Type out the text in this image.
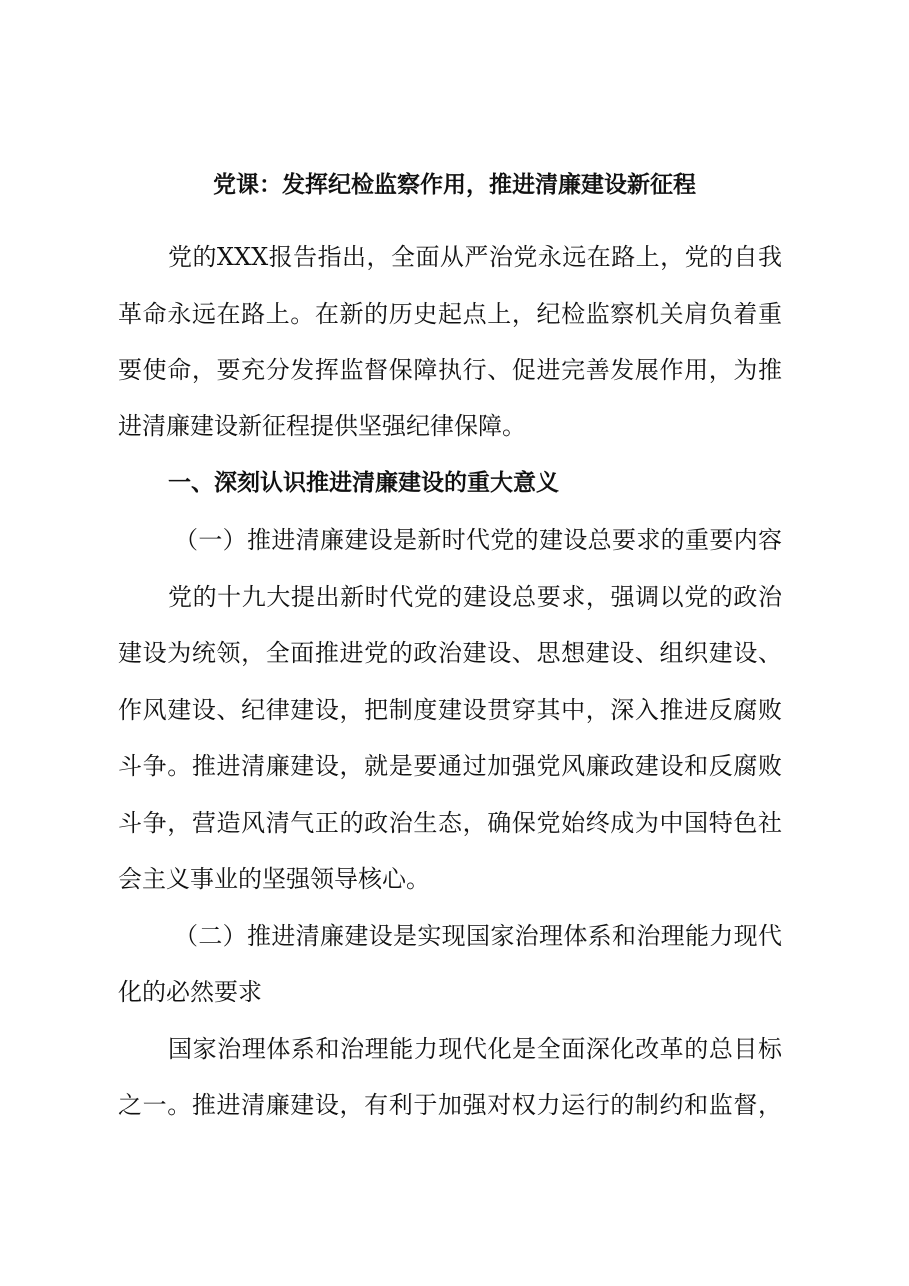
党课：发挥纪检监察作用，推进清廉建设新征程
党的XXX报告指出，全面从严治党永远在路上，党的自我
革命永远在路上。在新的历史起点上，纪检监察机关肩负着重
要使命，要充分发挥监督保障执行、促进完善发展作用，为推
进清廉建设新征程提供坚强纪律保障。
一、深刻认识推进清廉建设的重大意义
（一）推进清廉建设是新时代党的建设总要求的重要内容
党的十九大提出新时代党的建设总要求，强调以党的政治
建设为统领，全面推进党的政治建设、思想建设、组织建设、
作风建设、纪律建设，把制度建设贯穿其中，深入推进反腐败
斗争。推进清廉建设，就是要通过加强党风廉政建设和反腐败
斗争，营造风清气正的政治生态，确保党始终成为中国特色社
会主义事业的坚强领导核心。
（二）推进清廉建设是实现国家治理体系和治理能力现代
化的必然要求
国家治理体系和治理能力现代化是全面深化改革的总目标
之一。推进清廉建设，有利于加强对权力运行的制约和监督，
